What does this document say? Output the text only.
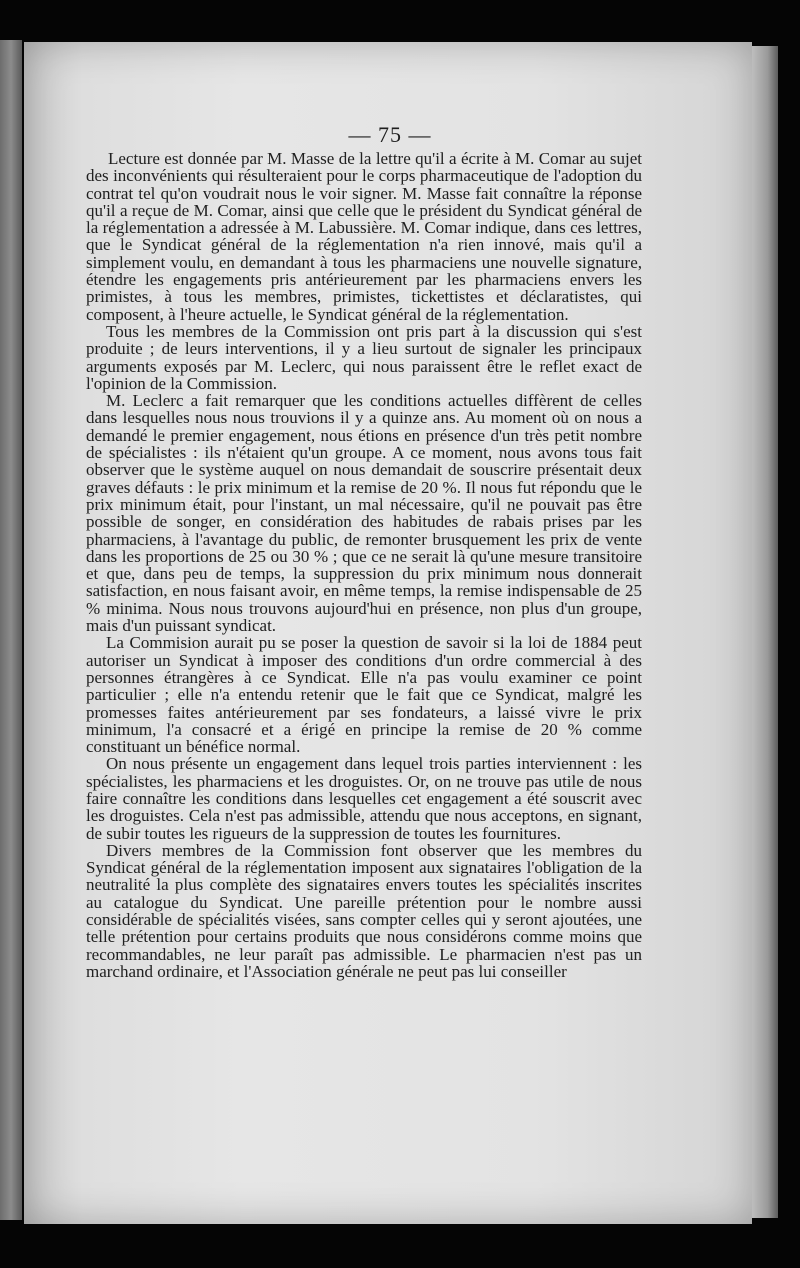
— 75 —

Lecture est donnée par M. Masse de la lettre qu'il a écrite à M. Comar au sujet des inconvénients qui résulteraient pour le corps pharmaceutique de l'adoption du contrat tel qu'on voudrait nous le voir signer. M. Masse fait connaître la réponse qu'il a reçue de M. Comar, ainsi que celle que le président du Syndicat général de la réglementation a adressée à M. Labussière. M. Comar indique, dans ces lettres, que le Syndicat général de la réglementation n'a rien innové, mais qu'il a simplement voulu, en demandant à tous les pharmaciens une nouvelle signature, étendre les engagements pris antérieurement par les pharmaciens envers les primistes, à tous les membres, primistes, tickettistes et déclaratistes, qui composent, à l'heure actuelle, le Syndicat général de la réglementation.

Tous les membres de la Commission ont pris part à la discussion qui s'est produite ; de leurs interventions, il y a lieu surtout de signaler les principaux arguments exposés par M. Leclerc, qui nous paraissent être le reflet exact de l'opinion de la Commission.

M. Leclerc a fait remarquer que les conditions actuelles diffèrent de celles dans lesquelles nous nous trouvions il y a quinze ans. Au moment où on nous a demandé le premier engagement, nous étions en présence d'un très petit nombre de spécialistes : ils n'étaient qu'un groupe. A ce moment, nous avons tous fait observer que le système auquel on nous demandait de souscrire présentait deux graves défauts : le prix minimum et la remise de 20 %. Il nous fut répondu que le prix minimum était, pour l'instant, un mal nécessaire, qu'il ne pouvait pas être possible de songer, en considération des habitudes de rabais prises par les pharmaciens, à l'avantage du public, de remonter brusquement les prix de vente dans les proportions de 25 ou 30 % ; que ce ne serait là qu'une mesure transitoire et que, dans peu de temps, la suppression du prix minimum nous donnerait satisfaction, en nous faisant avoir, en même temps, la remise indispensable de 25 % minima. Nous nous trouvons aujourd'hui en présence, non plus d'un groupe, mais d'un puissant syndicat.

La Commision aurait pu se poser la question de savoir si la loi de 1884 peut autoriser un Syndicat à imposer des conditions d'un ordre commercial à des personnes étrangères à ce Syndicat. Elle n'a pas voulu examiner ce point particulier ; elle n'a entendu retenir que le fait que ce Syndicat, malgré les promesses faites antérieurement par ses fondateurs, a laissé vivre le prix minimum, l'a consacré et a érigé en principe la remise de 20 % comme constituant un bénéfice normal.

On nous présente un engagement dans lequel trois parties interviennent : les spécialistes, les pharmaciens et les droguistes. Or, on ne trouve pas utile de nous faire connaître les conditions dans lesquelles cet engagement a été souscrit avec les droguistes. Cela n'est pas admissible, attendu que nous acceptons, en signant, de subir toutes les rigueurs de la suppression de toutes les fournitures.

Divers membres de la Commission font observer que les membres du Syndicat général de la réglementation imposent aux signataires l'obligation de la neutralité la plus complète des signataires envers toutes les spécialités inscrites au catalogue du Syndicat. Une pareille prétention pour le nombre aussi considérable de spécialités visées, sans compter celles qui y seront ajoutées, une telle prétention pour certains produits que nous considérons comme moins que recommandables, ne leur paraît pas admissible. Le pharmacien n'est pas un marchand ordinaire, et l'Association générale ne peut pas lui conseiller
